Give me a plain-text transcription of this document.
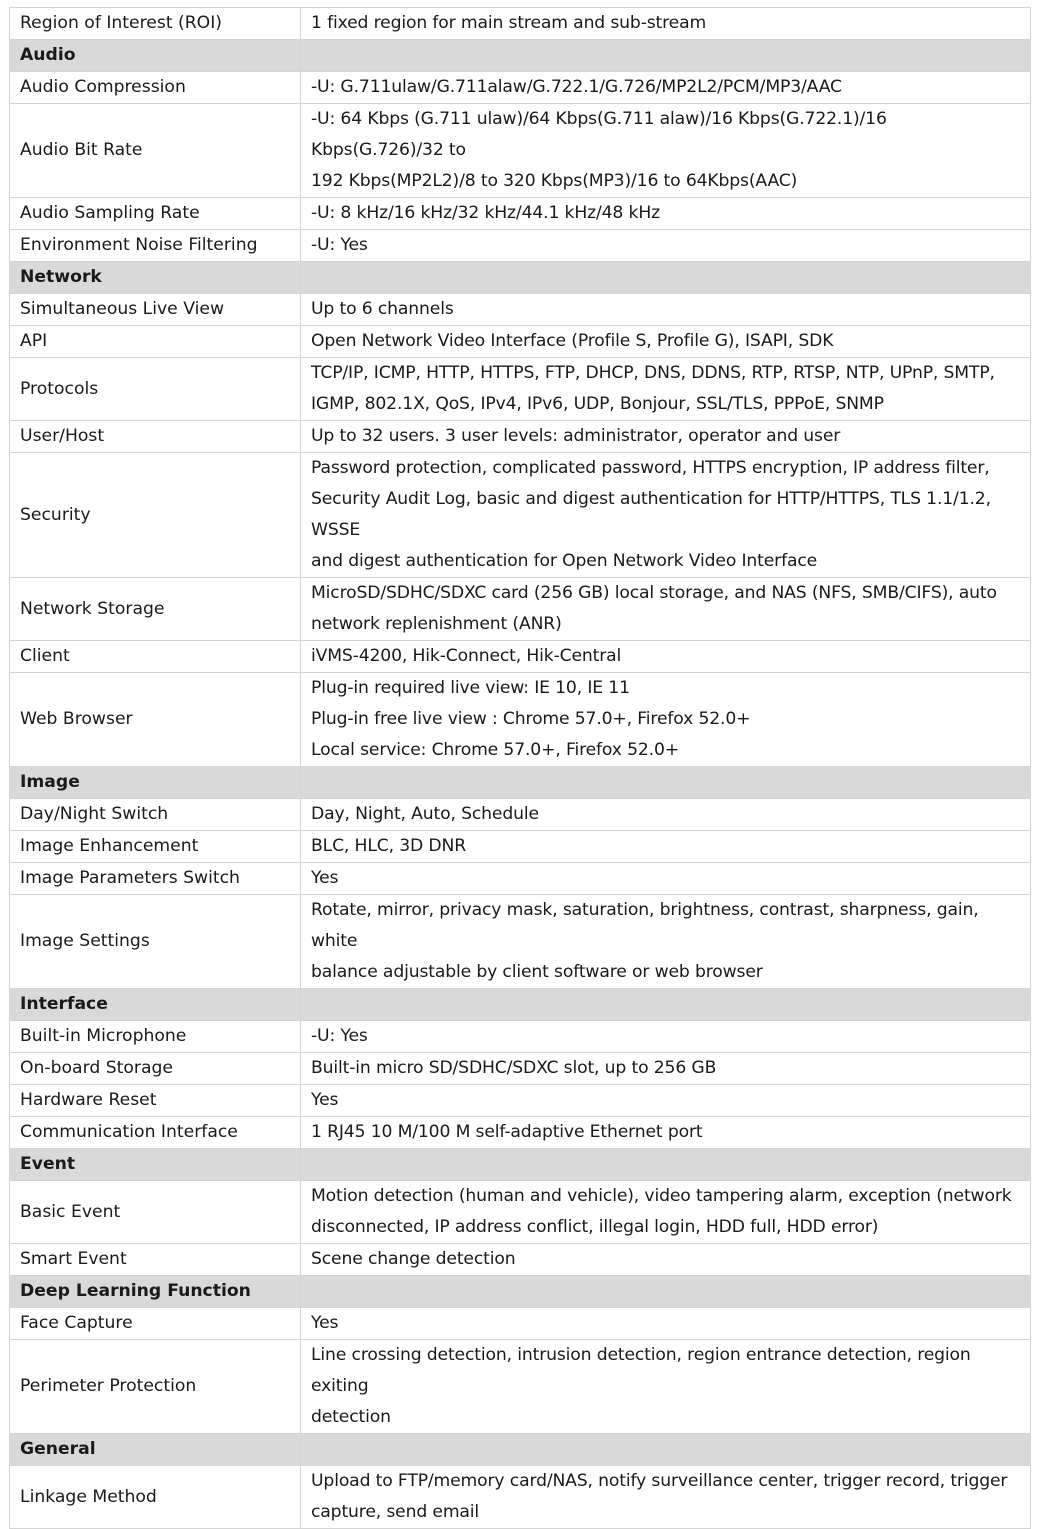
Region of Interest (ROI)	1 fixed region for main stream and sub-stream

Audio	
Audio Compression	-U: G.711ulaw/G.711alaw/G.722.1/G.726/MP2L2/PCM/MP3/AAC

Audio Bit Rate	-U: 64 Kbps (G.711 ulaw)/64 Kbps(G.711 alaw)/16 Kbps(G.722.1)/16 Kbps(G.726)/32 to
192 Kbps(MP2L2)/8 to 320 Kbps(MP3)/16 to 64Kbps(AAC)

Audio Sampling Rate	-U: 8 kHz/16 kHz/32 kHz/44.1 kHz/48 kHz

Environment Noise Filtering	-U: Yes

Network	
Simultaneous Live View	Up to 6 channels

API	Open Network Video Interface (Profile S, Profile G), ISAPI, SDK

Protocols	TCP/IP, ICMP, HTTP, HTTPS, FTP, DHCP, DNS, DDNS, RTP, RTSP, NTP, UPnP, SMTP,
IGMP, 802.1X, QoS, IPv4, IPv6, UDP, Bonjour, SSL/TLS, PPPoE, SNMP

User/Host	Up to 32 users. 3 user levels: administrator, operator and user

Security	Password protection, complicated password, HTTPS encryption, IP address filter,
Security Audit Log, basic and digest authentication for HTTP/HTTPS, TLS 1.1/1.2, WSSE
and digest authentication for Open Network Video Interface

Network Storage	MicroSD/SDHC/SDXC card (256 GB) local storage, and NAS (NFS, SMB/CIFS), auto
network replenishment (ANR)

Client	iVMS-4200, Hik-Connect, Hik-Central

Web Browser	Plug-in required live view: IE 10, IE 11
Plug-in free live view : Chrome 57.0+, Firefox 52.0+
Local service: Chrome 57.0+, Firefox 52.0+

Image	
Day/Night Switch	Day, Night, Auto, Schedule

Image Enhancement	BLC, HLC, 3D DNR

Image Parameters Switch	Yes

Image Settings	Rotate, mirror, privacy mask, saturation, brightness, contrast, sharpness, gain, white
balance adjustable by client software or web browser

Interface	
Built-in Microphone	-U: Yes

On-board Storage	Built-in micro SD/SDHC/SDXC slot, up to 256 GB

Hardware Reset	Yes

Communication Interface	1 RJ45 10 M/100 M self-adaptive Ethernet port

Event	
Basic Event	Motion detection (human and vehicle), video tampering alarm, exception (network
disconnected, IP address conflict, illegal login, HDD full, HDD error)

Smart Event	Scene change detection

Deep Learning Function	
Face Capture	Yes

Perimeter Protection	Line crossing detection, intrusion detection, region entrance detection, region exiting
detection

General	
Linkage Method	Upload to FTP/memory card/NAS, notify surveillance center, trigger record, trigger
capture, send email
